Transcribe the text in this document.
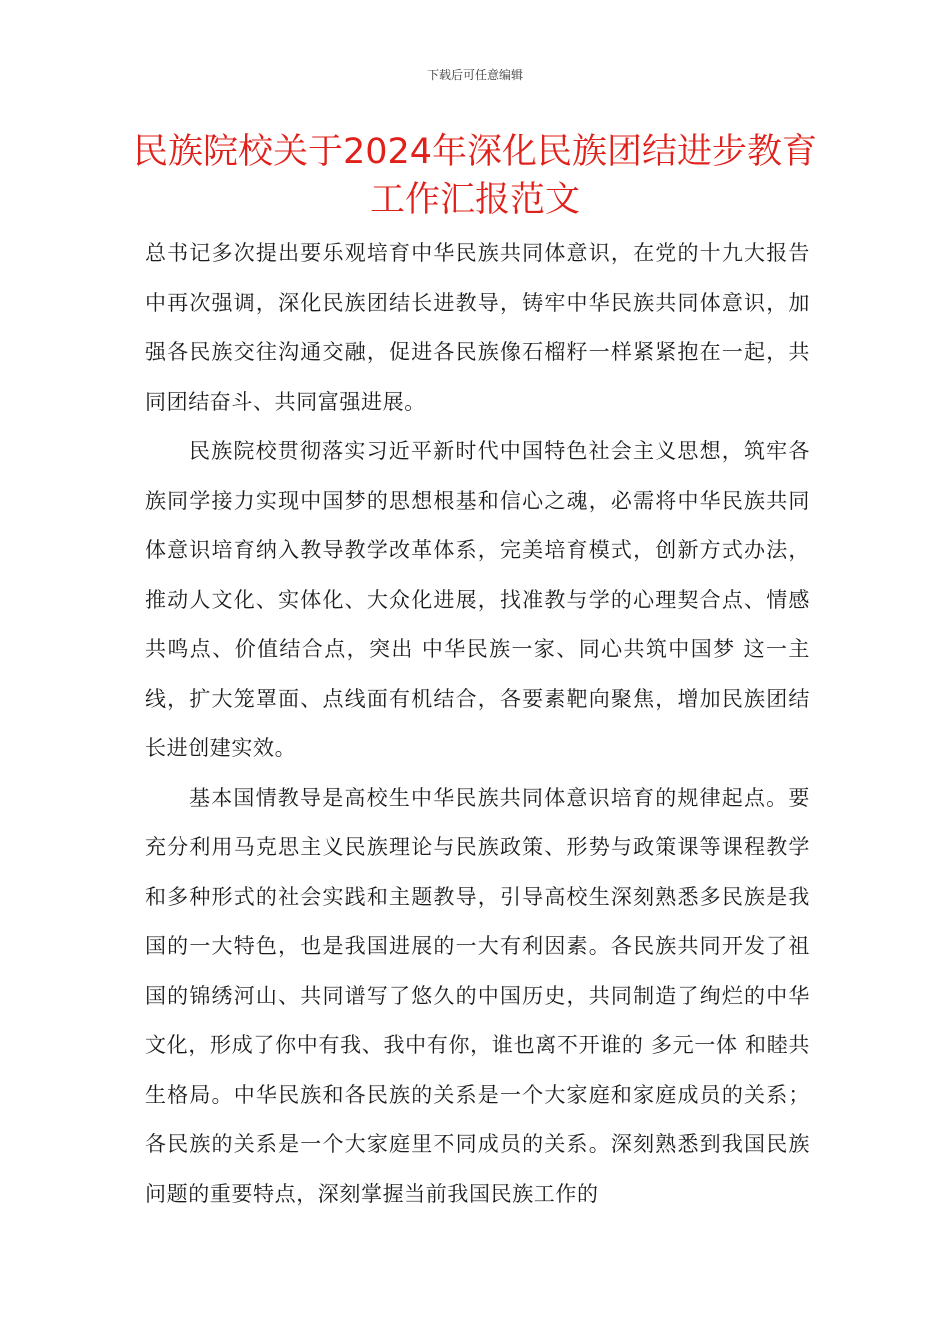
下载后可任意编辑
民族院校关于2024年深化民族团结进步教育工作汇报范文

总书记多次提出要乐观培育中华民族共同体意识，在党的十九大报告中再次强调，深化民族团结长进教导，铸牢中华民族共同体意识，加强各民族交往沟通交融，促进各民族像石榴籽一样紧紧抱在一起，共同团结奋斗、共同富强进展。

民族院校贯彻落实习近平新时代中国特色社会主义思想，筑牢各族同学接力实现中国梦的思想根基和信心之魂，必需将中华民族共同体意识培育纳入教导教学改革体系，完美培育模式，创新方式办法，推动人文化、实体化、大众化进展，找准教与学的心理契合点、情感共鸣点、价值结合点，突出 中华民族一家、同心共筑中国梦 这一主线，扩大笼罩面、点线面有机结合，各要素靶向聚焦，增加民族团结长进创建实效。

基本国情教导是高校生中华民族共同体意识培育的规律起点。要充分利用马克思主义民族理论与民族政策、形势与政策课等课程教学和多种形式的社会实践和主题教导，引导高校生深刻熟悉多民族是我国的一大特色，也是我国进展的一大有利因素。各民族共同开发了祖国的锦绣河山、共同谱写了悠久的中国历史，共同制造了绚烂的中华文化，形成了你中有我、我中有你，谁也离不开谁的 多元一体 和睦共生格局。中华民族和各民族的关系是一个大家庭和家庭成员的关系；各民族的关系是一个大家庭里不同成员的关系。深刻熟悉到我国民族问题的重要特点，深刻掌握当前我国民族工作的
